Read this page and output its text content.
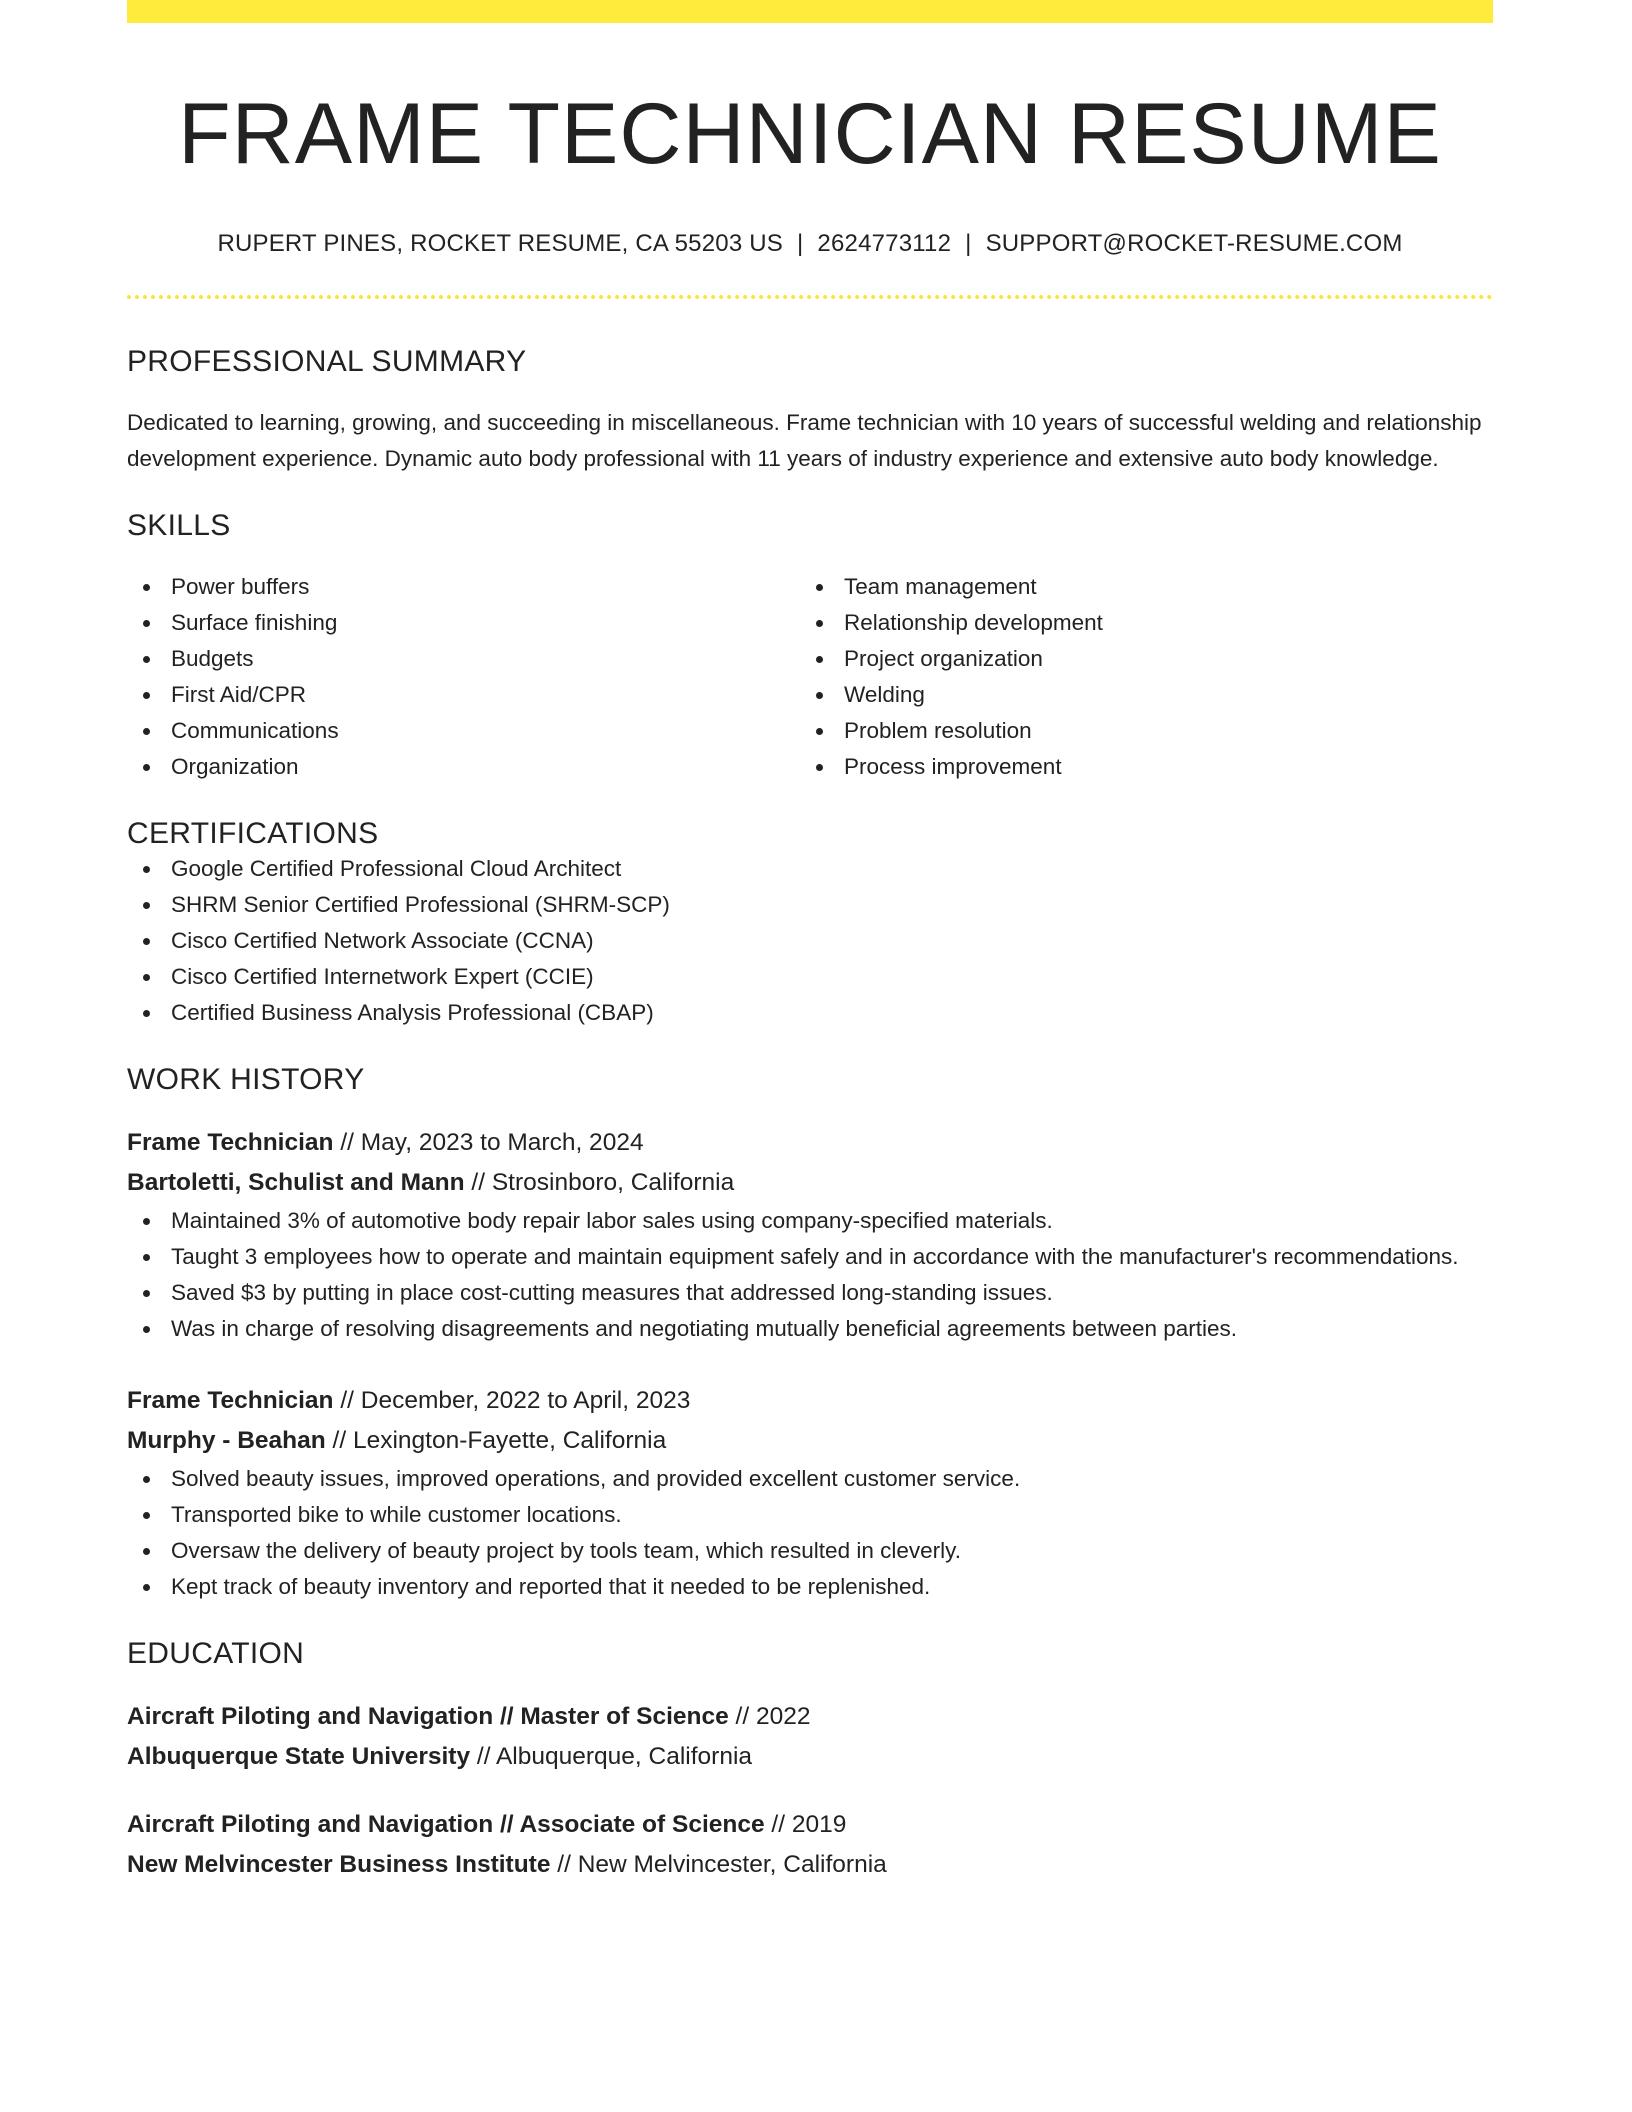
FRAME TECHNICIAN RESUME
RUPERT PINES, ROCKET RESUME, CA 55203 US | 2624773112 | SUPPORT@ROCKET-RESUME.COM
PROFESSIONAL SUMMARY

Dedicated to learning, growing, and succeeding in miscellaneous. Frame technician with 10 years of successful welding and relationship development experience. Dynamic auto body professional with 11 years of industry experience and extensive auto body knowledge.

SKILLS
Power buffers
Surface finishing
Budgets
First Aid/CPR
Communications
Organization
Team management
Relationship development
Project organization
Welding
Problem resolution
Process improvement
CERTIFICATIONS
Google Certified Professional Cloud Architect
SHRM Senior Certified Professional (SHRM-SCP)
Cisco Certified Network Associate (CCNA)
Cisco Certified Internetwork Expert (CCIE)
Certified Business Analysis Professional (CBAP)
WORK HISTORY
Frame Technician // May, 2023 to March, 2024
Bartoletti, Schulist and Mann // Strosinboro, California
Maintained 3% of automotive body repair labor sales using company-specified materials.
Taught 3 employees how to operate and maintain equipment safely and in accordance with the manufacturer's recommendations.
Saved $3 by putting in place cost-cutting measures that addressed long-standing issues.
Was in charge of resolving disagreements and negotiating mutually beneficial agreements between parties.
Frame Technician // December, 2022 to April, 2023
Murphy - Beahan // Lexington-Fayette, California
Solved beauty issues, improved operations, and provided excellent customer service.
Transported bike to while customer locations.
Oversaw the delivery of beauty project by tools team, which resulted in cleverly.
Kept track of beauty inventory and reported that it needed to be replenished.
EDUCATION
Aircraft Piloting and Navigation // Master of Science // 2022
Albuquerque State University // Albuquerque, California
Aircraft Piloting and Navigation // Associate of Science // 2019
New Melvincester Business Institute // New Melvincester, California
